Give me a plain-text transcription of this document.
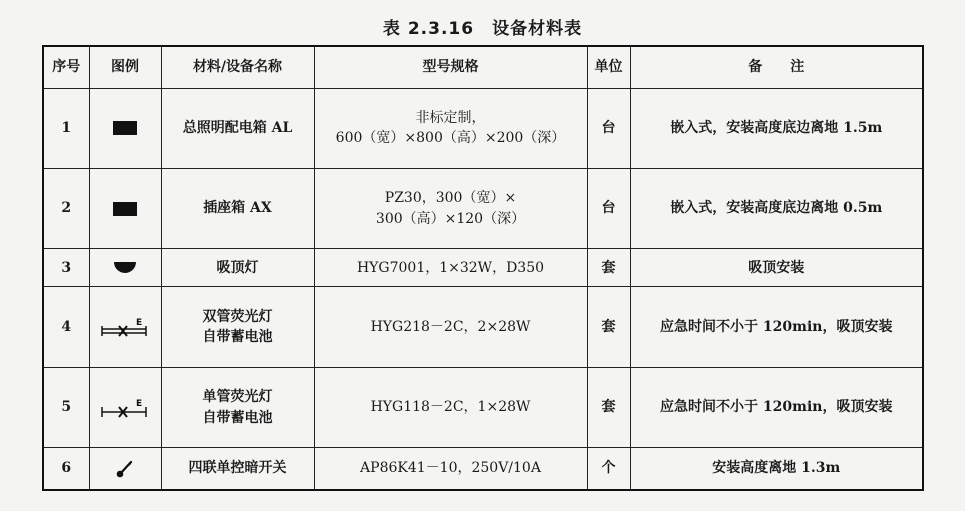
表 2.3.16　设备材料表
序号	图例	材料/设备名称	型号规格	单位	备　　注
1		总照明配电箱 AL	非标定制，
600（宽）×800（高）×200（深）	台	嵌入式，安装高度底边离地 1.5m
2		插座箱 AX	PZ30，300（宽）×
300（高）×120（深）	台	嵌入式，安装高度底边离地 0.5m
3		吸顶灯	HYG7001，1×32W，D350	套	吸顶安装
4	E	双管荧光灯
自带蓄电池	HYG218－2C，2×28W	套	应急时间不小于 120min，吸顶安装
5	E	单管荧光灯
自带蓄电池	HYG118－2C，1×28W	套	应急时间不小于 120min，吸顶安装
6		四联单控暗开关	AP86K41－10，250V/10A	个	安装高度离地 1.3m
